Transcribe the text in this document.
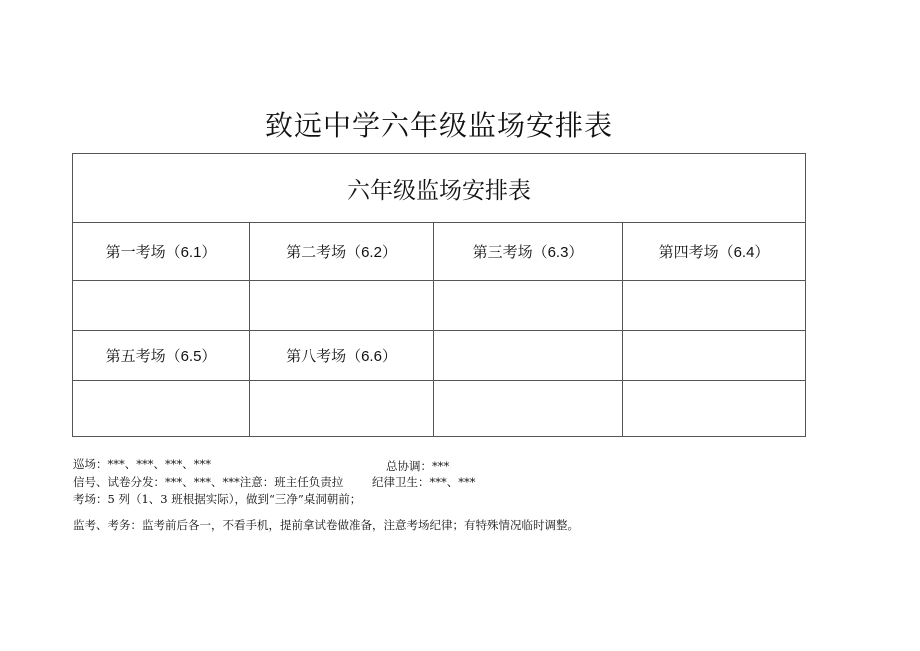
致远中学六年级监场安排表
六年级监场安排表			
第一考场（6.1）	第二考场（6.2）	第三考场（6.3）	第四考场（6.4）

第五考场（6.5）	第八考场（6.6）		

巡场：***、***、***、***	总协调：***
信号、试卷分发：***、***、***注意：班主任负责拉	纪律卫生：***、***
考场：5 列（1、3 班根据实际），做到“三净”桌洞朝前；
监考、考务：监考前后各一，不看手机，提前拿试卷做准备，注意考场纪律；有特殊情况临时调整。
